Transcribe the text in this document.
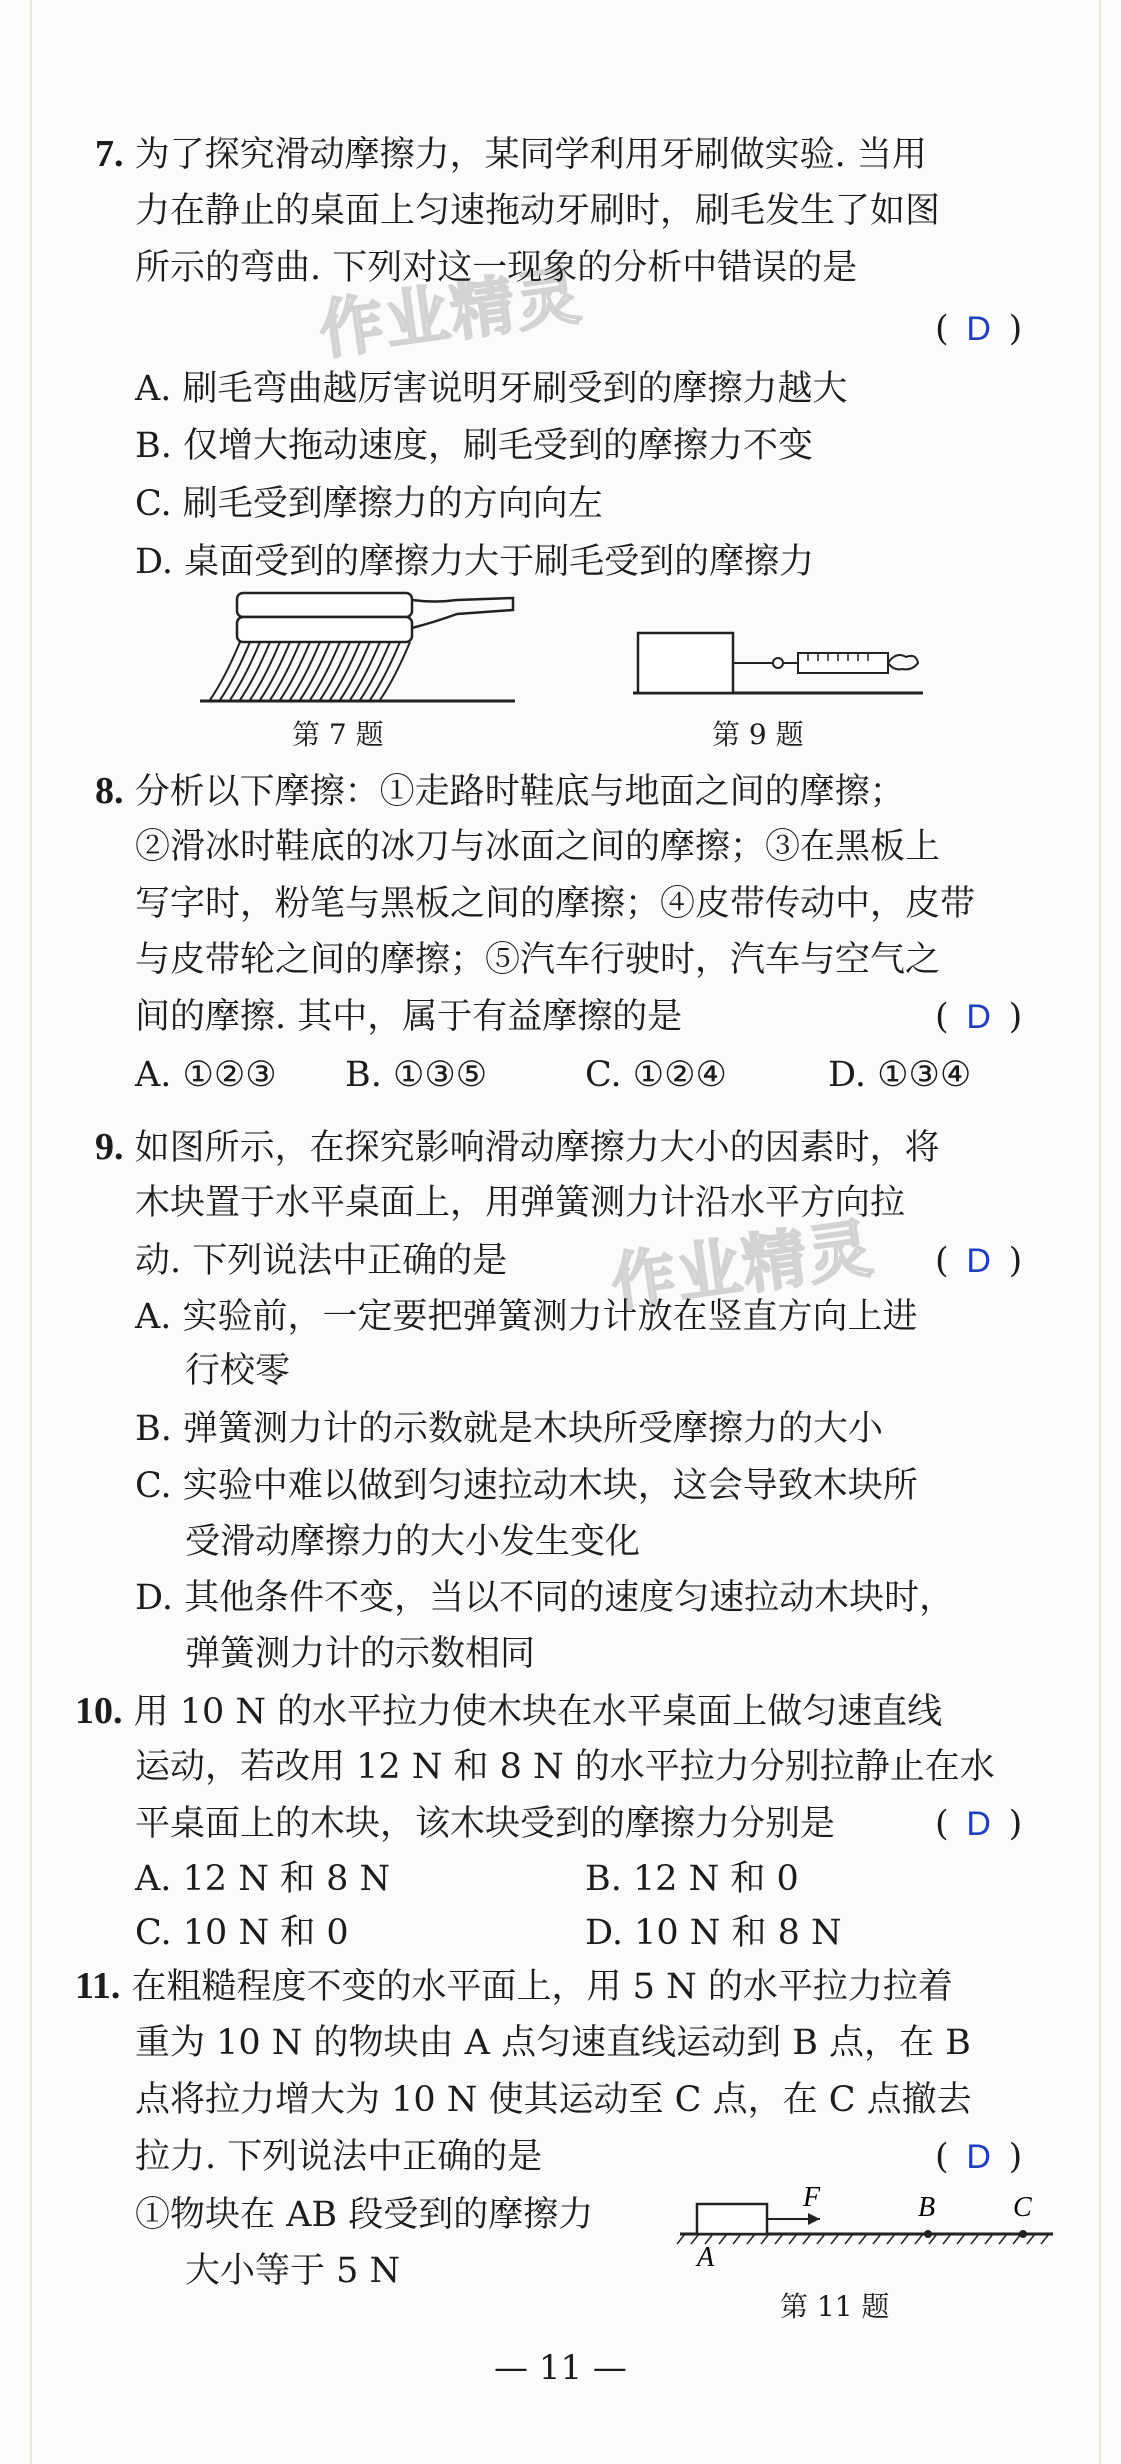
作业精灵
作业精灵
7. 为了探究滑动摩擦力，某同学利用牙刷做实验. 当用
力在静止的桌面上匀速拖动牙刷时，刷毛发生了如图
所示的弯曲. 下列对这一现象的分析中错误的是
( D )
A. 刷毛弯曲越厉害说明牙刷受到的摩擦力越大
B. 仅增大拖动速度，刷毛受到的摩擦力不变
C. 刷毛受到摩擦力的方向向左
D. 桌面受到的摩擦力大于刷毛受到的摩擦力
第 7 题	第 9 题
8. 分析以下摩擦：①走路时鞋底与地面之间的摩擦；
②滑冰时鞋底的冰刀与冰面之间的摩擦；③在黑板上
写字时，粉笔与黑板之间的摩擦；④皮带传动中，皮带
与皮带轮之间的摩擦；⑤汽车行驶时，汽车与空气之
间的摩擦. 其中，属于有益摩擦的是	( D )
A. ①②③ B. ①③⑤	C. ①②④	D. ①③④
9. 如图所示，在探究影响滑动摩擦力大小的因素时，将
木块置于水平桌面上，用弹簧测力计沿水平方向拉
动. 下列说法中正确的是	( D )
A. 实验前，一定要把弹簧测力计放在竖直方向上进
行校零
B. 弹簧测力计的示数就是木块所受摩擦力的大小
C. 实验中难以做到匀速拉动木块，这会导致木块所
受滑动摩擦力的大小发生变化
D. 其他条件不变，当以不同的速度匀速拉动木块时，
弹簧测力计的示数相同
10. 用 10 N 的水平拉力使木块在水平桌面上做匀速直线
运动，若改用 12 N 和 8 N 的水平拉力分别拉静止在水
平桌面上的木块，该木块受到的摩擦力分别是	( D )
A. 12 N 和 8 N	B. 12 N 和 0
C. 10 N 和 0	D. 10 N 和 8 N
11. 在粗糙程度不变的水平面上，用 5 N 的水平拉力拉着
重为 10 N 的物块由 A 点匀速直线运动到 B 点，在 B
点将拉力增大为 10 N 使其运动至 C 点，在 C 点撤去
拉力. 下列说法中正确的是	( D )
①物块在 AB 段受到的摩擦力
大小等于 5 N
F
A
B	C
第 11 题
— 11 —
